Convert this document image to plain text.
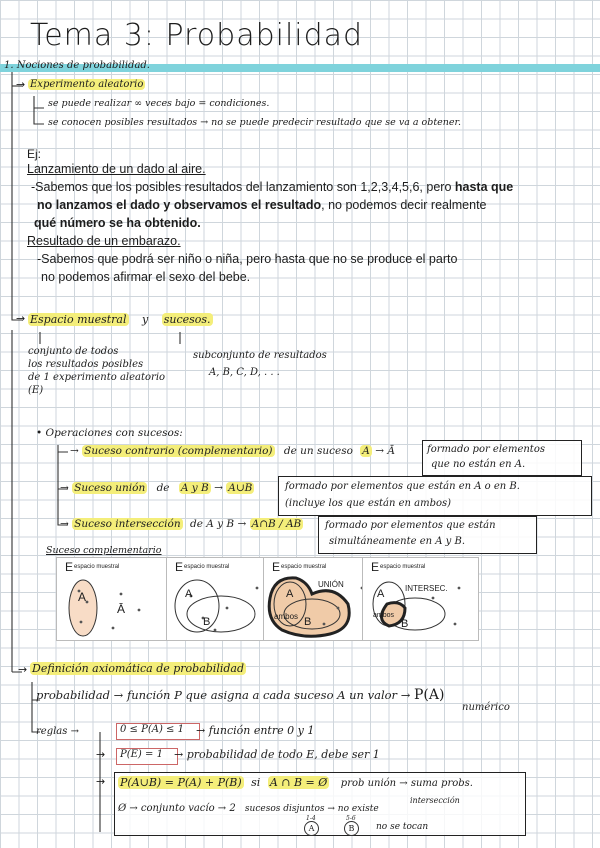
Tema 3: Probabilidad
1. Nociones de probabilidad.
→ Experimento aleatorio
se puede realizar ∞ veces bajo = condiciones.
se conocen posibles resultados → no se puede predecir resultado que se va a obtener.
Ej:
Lanzamiento de un dado al aire.
-Sabemos que los posibles resultados del lanzamiento son 1,2,3,4,5,6, pero hasta que
no lanzamos el dado y observamos el resultado, no podemos decir realmente
qué número se ha obtenido.
Resultado de un embarazo.
-Sabemos que podrá ser niño o niña, pero hasta que no se produce el parto
no podemos afirmar el sexo del bebe.
→ Espacio muestral y sucesos.
conjunto de todos
los resultados posibles
de 1 experimento aleatorio
(E)
subconjunto de resultados
A, B, C, D, . . .
• Operaciones con sucesos:
→ Suceso contrario (complementario) de un suceso A → Ā	formado por elementos
que no están en A.
→ Suceso unión de A y B → A∪B	formado por elementos que están en A o en B.
(incluye los que están en ambos)
→ Suceso intersección de A y B → A∩B / AB formado por elementos que están
simultáneamente en A y B.
Suceso complementario
E espacio muestral
A
Ā
E espacio muestral
A
B
E espacio muestral
UNIÓN
A
ambos B
E espacio muestral
INTERSEC.
A
ambos
B
→ Definición axiomática de probabilidad
probabilidad → función P que asigna a cada suceso A un valor → P(A)
numérico
reglas →	0 ≤ P(A) ≤ 1	→ función entre 0 y 1
→	P(E) = 1	→ probabilidad de todo E, debe ser 1
→ P(A∪B) = P(A) + P(B) si A ∩ B = Ø prob unión → suma probs.
intersección
Ø → conjunto vacío → 2 sucesos disjuntos → no existe
1-4	5-6
A	B	no se tocan
